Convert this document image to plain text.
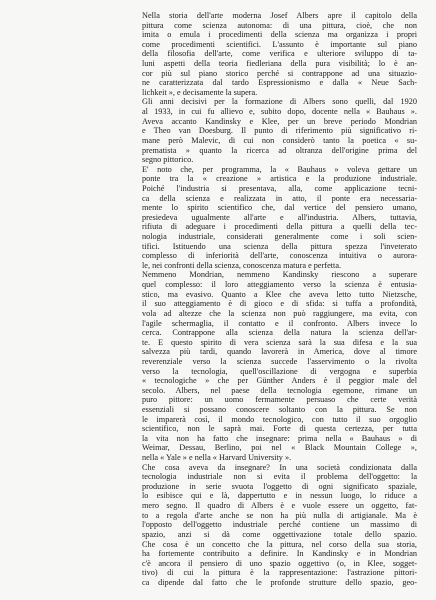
Nella storia dell'arte moderna Josef Albers apre il capitolo della
pittura come scienza autonoma: di una pittura, cioè, che non
imita o emula i procedimenti della scienza ma organizza i propri
come procedimenti scientifici. L'assunto è importante sul piano
della filosofia dell'arte, come verifica e ulteriore sviluppo di ta-
luni aspetti della teoria fiedleriana della pura visibilità; lo è an-
cor più sul piano storico perché si contrappone ad una situazio-
ne caratterizzata dal tardo Espressionismo e dalla « Neue Sach-
lichkeit », e decisamente la supera.
Gli anni decisivi per la formazione di Albers sono quelli, dal 1920
al 1933, in cui fu allievo e, subito dopo, docente nella « Bauhaus ».
Aveva accanto Kandinsky e Klee, per un breve periodo Mondrian
e Theo van Doesburg. Il punto di riferimento più significativo ri-
mane però Malevic, di cui non considerò tanto la poetica « su-
prematista » quanto la ricerca ad oltranza dell'origine prima del
segno pittorico.
E' noto che, per programma, la « Bauhaus » voleva gettare un
ponte tra la « creazione » artistica e la produzione industriale.
Poiché l'industria si presentava, alla, come applicazione tecni-
ca della scienza e realizzata in atto, il ponte era necessaria-
mente lo spirito scientifico che, dal vertice del pensiero umano,
presiedeva ugualmente all'arte e all'industria. Albers, tuttavia,
rifiuta di adeguare i procedimenti della pittura a quelli della tec-
nologia industriale, considerati generalmente come i soli scien-
tifici. Istituendo una scienza della pittura spezza l'inveterato
complesso di inferiorità dell'arte, conoscenza intuitiva o aurora-
le, nei confronti della scienza, conoscenza matura e perfetta.
Nemmeno Mondrian, nemmeno Kandinsky riescono a superare
quel complesso: il loro atteggiamento verso la scienza è entusia-
stico, ma evasivo. Quanto a Klee che aveva letto tutto Nietzsche,
il suo atteggiamento è di gioco e di sfida: si tuffa a profondità,
vola ad altezze che la scienza non può raggiungere, ma evita, con
l'agile schermaglia, il contatto e il confronto. Albers invece lo
cerca. Contrappone alla scienza della natura la scienza dell'ar-
te. E questo spirito di vera scienza sarà la sua difesa e la sua
salvezza più tardi, quando lavorerà in America, dove al timore
reverenziale verso la scienza succede l'asservimento o la rivolta
verso la tecnologia, quell'oscillazione di vergogna e superbia
« tecnologiche » che per Günther Anders è il peggior male del
secolo. Albers, nel paese della tecnologia egemone, rimane un
puro pittore: un uomo fermamente persuaso che certe verità
essenziali si possano conoscere soltanto con la pittura. Se non
le imparerà così, il mondo tecnologico, con tutto il suo orgoglio
scientifico, non le saprà mai. Forte di questa certezza, per tutta
la vita non ha fatto che insegnare: prima nella « Bauhaus » di
Weimar, Dessau, Berlino, poi nel « Black Mountain College »,
nella « Yale » e nella « Harvard University ».
Che cosa aveva da insegnare? In una società condizionata dalla
tecnologia industriale non si evita il problema dell'oggetto: la
produzione in serie svuota l'oggetto di ogni significato spaziale,
lo esibisce qui e là, dappertutto e in nessun luogo, lo riduce a
mero segno. Il quadro di Albers è e vuole essere un oggetto, fat-
to a regola d'arte anche se non ha più nulla di artigianale. Ma è
l'opposto dell'oggetto industriale perché contiene un massimo di
spazio, anzi si dà come oggettivazione totale dello spazio.
Che cosa è un concetto che la pittura, nel corso della sua storia,
ha fortemente contribuito a definire. In Kandinsky e in Mondrian
c'è ancora il pensiero di uno spazio oggettivo (o, in Klee, sogget-
tivo) di cui la pittura è la rappresentazione: l'astrazione pittori-
ca dipende dal fatto che le profonde strutture dello spazio, geo-
